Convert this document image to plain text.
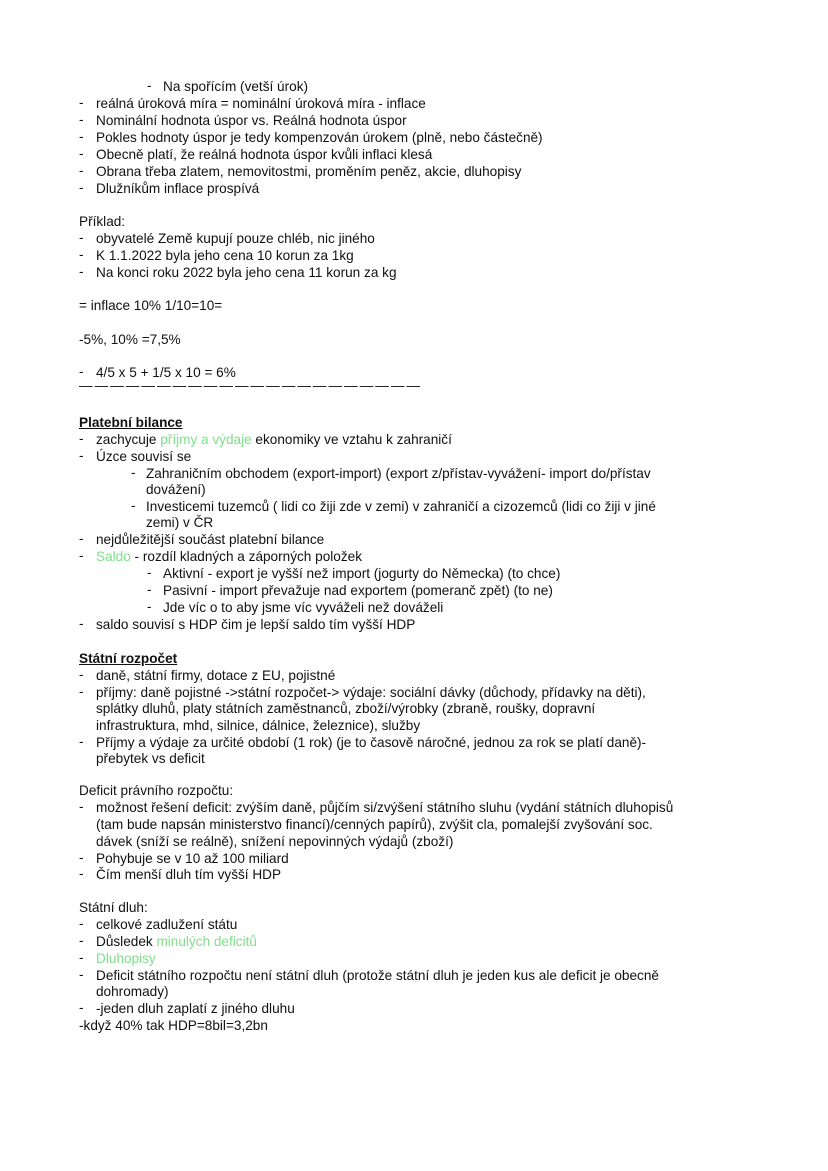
- Na spořícím (vetší úrok)
- reálná úroková míra = nominální úroková míra - inflace
- Nominální hodnota úspor vs. Reálná hodnota úspor
- Pokles hodnoty úspor je tedy kompenzován úrokem (plně, nebo částečně)
- Obecně platí, že reálná hodnota úspor kvůli inflaci klesá
- Obrana třeba zlatem, nemovitostmi, proměním peněz, akcie, dluhopisy
- Dlužníkům inflace prospívá
Příklad:
- obyvatelé Země kupují pouze chléb, nic jiného
- K 1.1.2022 byla jeho cena 10 korun za 1kg
- Na konci roku 2022 byla jeho cena 11 korun za kg
= inflace 10% 1/10=10=
-5%, 10% =7,5%
- 4/5 x 5 + 1/5 x 10 = 6%
——————————————————————
Platební bilance
- zachycuje příjmy a výdaje ekonomiky ve vztahu k zahraničí
- Úzce souvisí se
- Zahraničním obchodem (export-import) (export z/přístav-vyvážení- import do/přístav
dovážení)
- Investicemi tuzemců ( lidi co žiji zde v zemi) v zahraničí a cizozemců (lidi co žiji v jiné
zemi) v ČR
- nejdůležitější součást platební bilance
- Saldo - rozdíl kladných a záporných položek
- Aktivní - export je vyšší než import (jogurty do Německa) (to chce)
- Pasivní - import převažuje nad exportem (pomeranč zpět) (to ne)
- Jde víc o to aby jsme víc vyváželi než dováželi
- saldo souvisí s HDP čim je lepší saldo tím vyšší HDP
Státní rozpočet
- daně, státní firmy, dotace z EU, pojistné
- příjmy: daně pojistné ->státní rozpočet-> výdaje: sociální dávky (důchody, přídavky na děti),
splátky dluhů, platy státních zaměstnanců, zboží/výrobky (zbraně, roušky, dopravní
infrastruktura, mhd, silnice, dálnice, železnice), služby
- Příjmy a výdaje za určité období (1 rok) (je to časově náročné, jednou za rok se platí daně)-
přebytek vs deficit
Deficit právního rozpočtu:
- možnost řešení deficit: zvýším daně, půjčím si/zvýšení státního sluhu (vydání státních dluhopisů
(tam bude napsán ministerstvo financí)/cenných papírů), zvýšit cla, pomalejší zvyšování soc.
dávek (sníží se reálně), snížení nepovinných výdajů (zboží)
- Pohybuje se v 10 až 100 miliard
- Čím menší dluh tím vyšší HDP
Státní dluh:
- celkové zadlužení státu
- Důsledek minulých deficitů
- Dluhopisy
- Deficit státního rozpočtu není státní dluh (protože státní dluh je jeden kus ale deficit je obecně
dohromady)
- -jeden dluh zaplatí z jiného dluhu
-když 40% tak HDP=8bil=3,2bn
